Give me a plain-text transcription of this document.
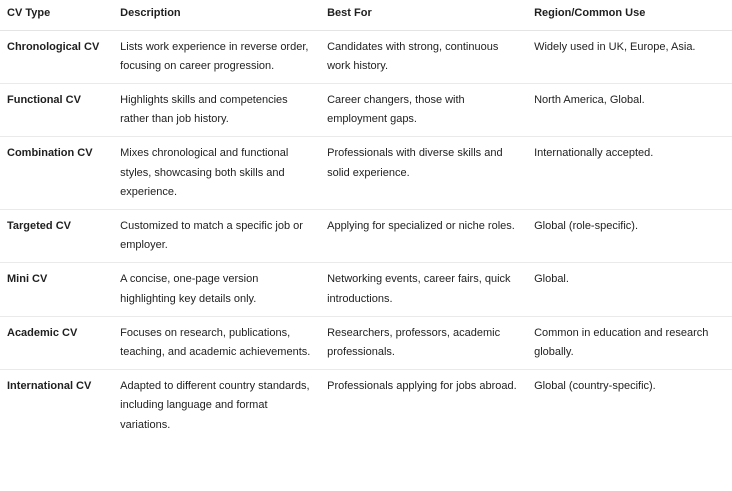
CV Type	Description	Best For	Region/Common Use

Chronological CV	Lists work experience in reverse order, focusing on career progression.	Candidates with strong, continuous work history.	Widely used in UK, Europe, Asia.

Functional CV	Highlights skills and competencies rather than job history.	Career changers, those with employment gaps.	North America, Global.

Combination CV	Mixes chronological and functional styles, showcasing both skills and experience.	Professionals with diverse skills and solid experience.	Internationally accepted.

Targeted CV	Customized to match a specific job or employer.	Applying for specialized or niche roles.	Global (role-specific).

Mini CV	A concise, one-page version highlighting key details only.	Networking events, career fairs, quick introductions.	Global.

Academic CV	Focuses on research, publications, teaching, and academic achievements.	Researchers, professors, academic professionals.	Common in education and research globally.

International CV	Adapted to different country standards, including language and format variations.	Professionals applying for jobs abroad.	Global (country-specific).
